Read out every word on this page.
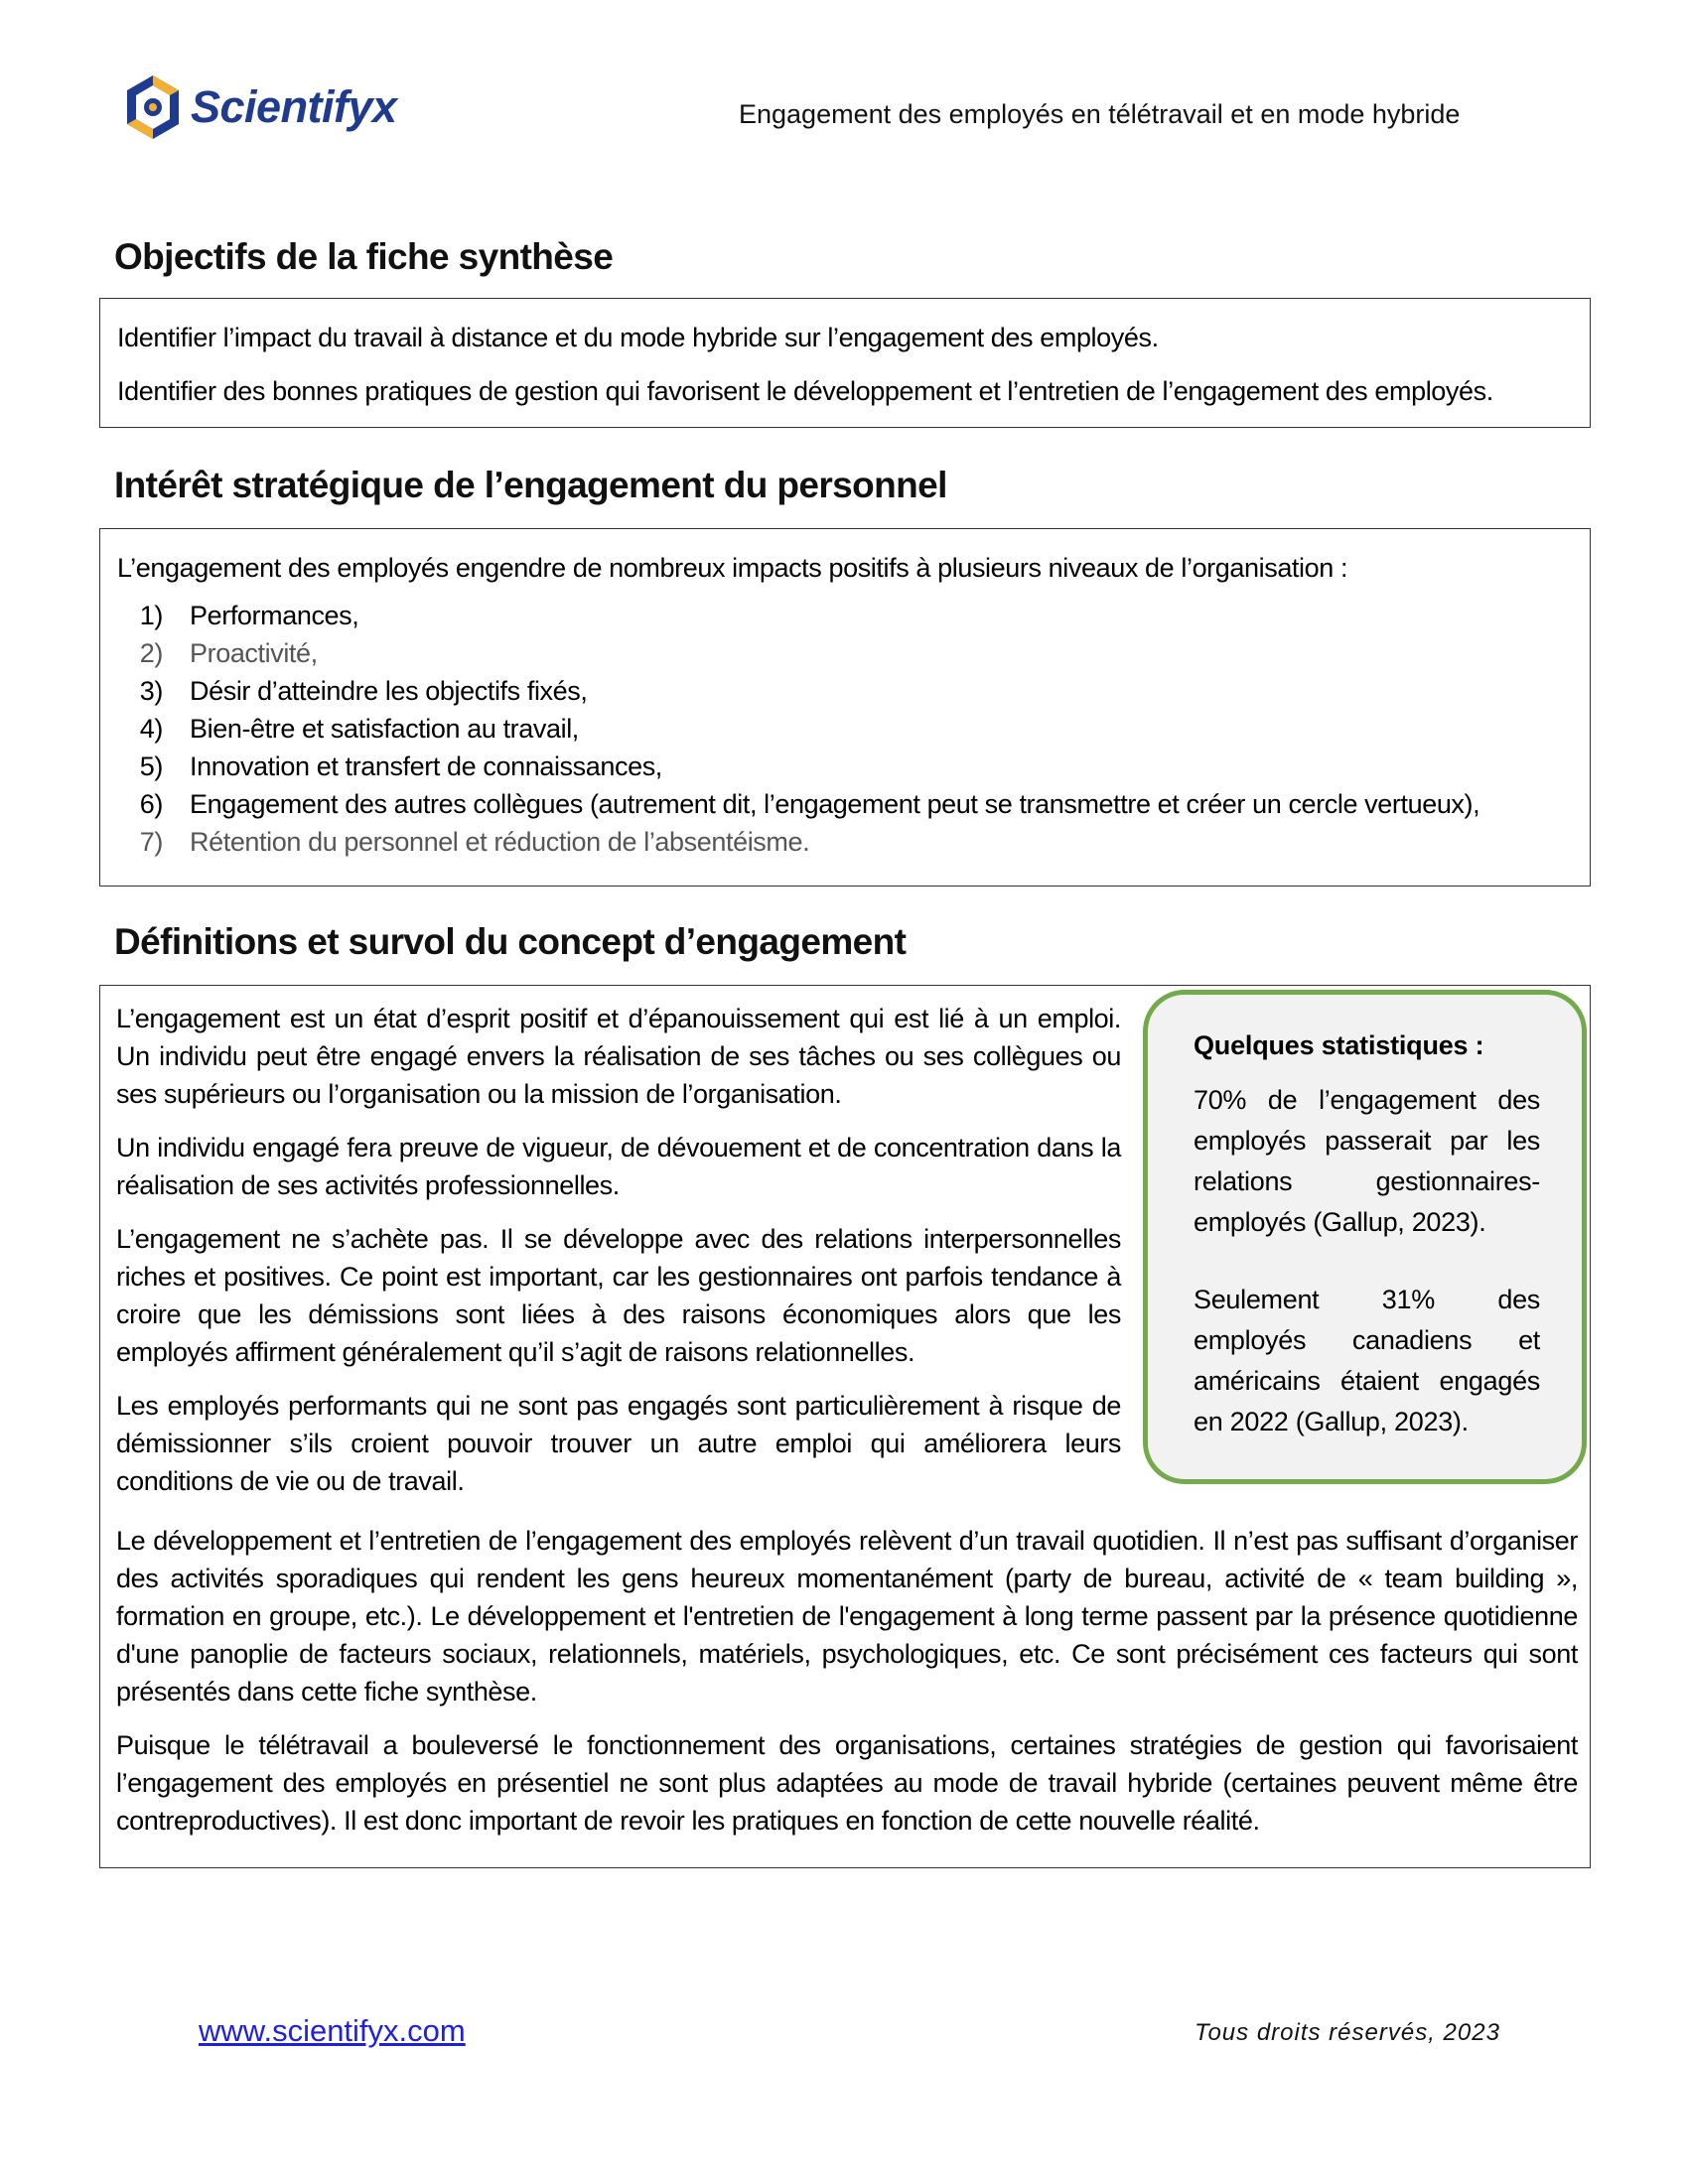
Scientifyx	Engagement des employés en télétravail et en mode hybride
Objectifs de la fiche synthèse

Identifier l’impact du travail à distance et du mode hybride sur l’engagement des employés.

Identifier des bonnes pratiques de gestion qui favorisent le développement et l’entretien de l’engagement des employés.

Intérêt stratégique de l’engagement du personnel

L’engagement des employés engendre de nombreux impacts positifs à plusieurs niveaux de l’organisation :

1)	Performances,
2)	Proactivité,
3)	Désir d’atteindre les objectifs fixés,
4)	Bien-être et satisfaction au travail,
5)	Innovation et transfert de connaissances,
6)	Engagement des autres collègues (autrement dit, l’engagement peut se transmettre et créer un cercle vertueux),
7)	Rétention du personnel et réduction de l’absentéisme.
Définitions et survol du concept d’engagement

L’engagement est un état d’esprit positif et d’épanouissement qui est lié à un emploi. Un individu peut être engagé envers la réalisation de ses tâches ou ses collègues ou ses supérieurs ou l’organisation ou la mission de l’organisation.

Un individu engagé fera preuve de vigueur, de dévouement et de concentration dans la réalisation de ses activités professionnelles.

L’engagement ne s’achète pas. Il se développe avec des relations interpersonnelles riches et positives. Ce point est important, car les gestionnaires ont parfois tendance à croire que les démissions sont liées à des raisons économiques alors que les employés affirment généralement qu’il s’agit de raisons relationnelles.

Les employés performants qui ne sont pas engagés sont particulièrement à risque de démissionner s’ils croient pouvoir trouver un autre emploi qui améliorera leurs conditions de vie ou de travail.

Le développement et l’entretien de l’engagement des employés relèvent d’un travail quotidien. Il n’est pas suffisant d’organiser des activités sporadiques qui rendent les gens heureux momentanément (party de bureau, activité de « team building », formation en groupe, etc.). Le développement et l'entretien de l'engagement à long terme passent par la présence quotidienne d'une panoplie de facteurs sociaux, relationnels, matériels, psychologiques, etc. Ce sont précisément ces facteurs qui sont présentés dans cette fiche synthèse.

Puisque le télétravail a bouleversé le fonctionnement des organisations, certaines stratégies de gestion qui favorisaient l’engagement des employés en présentiel ne sont plus adaptées au mode de travail hybride (certaines peuvent même être contreproductives). Il est donc important de revoir les pratiques en fonction de cette nouvelle réalité.

Quelques statistiques :

70% de l’engagement des employés passerait par les relations gestionnaires-employés (Gallup, 2023).

Seulement 31% des employés canadiens et américains étaient engagés en 2022 (Gallup, 2023).

www.scientifyx.com	Tous droits réservés, 2023
